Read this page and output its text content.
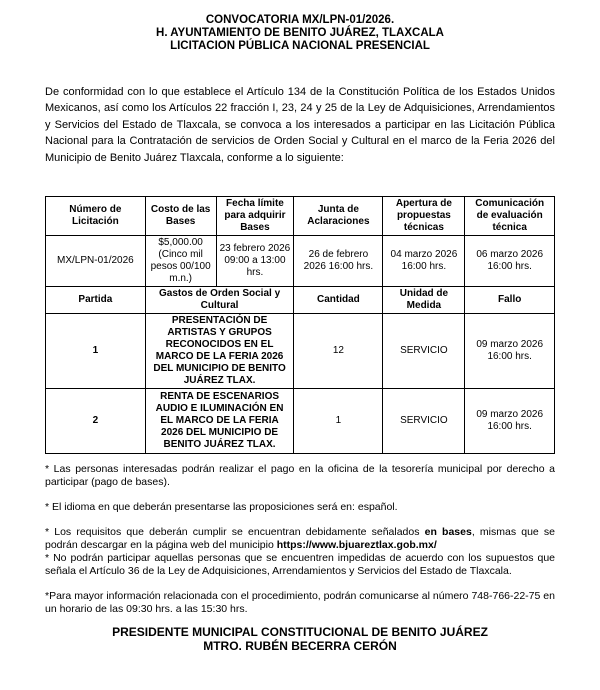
CONVOCATORIA MX/LPN-01/2026.
H. AYUNTAMIENTO DE BENITO JUÁREZ, TLAXCALA
LICITACION PÚBLICA NACIONAL PRESENCIAL

De conformidad con lo que establece el Artículo 134 de la Constitución Política de los Estados Unidos Mexicanos, así como los Artículos 22 fracción I, 23, 24 y 25 de la Ley de Adquisiciones, Arrendamientos y Servicios del Estado de Tlaxcala, se convoca a los interesados a participar en las Licitación Pública Nacional para la Contratación de servicios de Orden Social y Cultural en el marco de la Feria 2026 del Municipio de Benito Juárez Tlaxcala, conforme a lo siguiente:

Número de Licitación	Costo de las Bases	Fecha límite para adquirir Bases	Junta de Aclaraciones	Apertura de propuestas técnicas	Comunicación de evaluación técnica
MX/LPN-01/2026	$5,000.00 (Cinco mil pesos 00/100 m.n.)	23 febrero 2026 09:00 a 13:00 hrs.	26 de febrero 2026 16:00 hrs.	04 marzo 2026 16:00 hrs.	06 marzo 2026 16:00 hrs.
Partida	Gastos de Orden Social y Cultural		Cantidad	Unidad de Medida	Fallo
1	PRESENTACIÓN DE ARTISTAS Y GRUPOS RECONOCIDOS EN EL MARCO DE LA FERIA 2026 DEL MUNICIPIO DE BENITO JUÁREZ TLAX.		12	SERVICIO	09 marzo 2026 16:00 hrs.
2	RENTA DE ESCENARIOS AUDIO E ILUMINACIÓN EN EL MARCO DE LA FERIA 2026 DEL MUNICIPIO DE BENITO JUÁREZ TLAX.		1	SERVICIO	09 marzo 2026 16:00 hrs.

* Las personas interesadas podrán realizar el pago en la oficina de la tesorería municipal por derecho a participar (pago de bases).

* El idioma en que deberán presentarse las proposiciones será en: español.

* Los requisitos que deberán cumplir se encuentran debidamente señalados en bases, mismas que se podrán descargar en la página web del municipio https://www.bjuareztlax.gob.mx/

* No podrán participar aquellas personas que se encuentren impedidas de acuerdo con los supuestos que señala el Artículo 36 de la Ley de Adquisiciones, Arrendamientos y Servicios del Estado de Tlaxcala.

*Para mayor información relacionada con el procedimiento, podrán comunicarse al número 748-766-22-75 en un horario de las 09:30 hrs. a las 15:30 hrs.

PRESIDENTE MUNICIPAL CONSTITUCIONAL DE BENITO JUÁREZ
MTRO. RUBÉN BECERRA CERÓN
